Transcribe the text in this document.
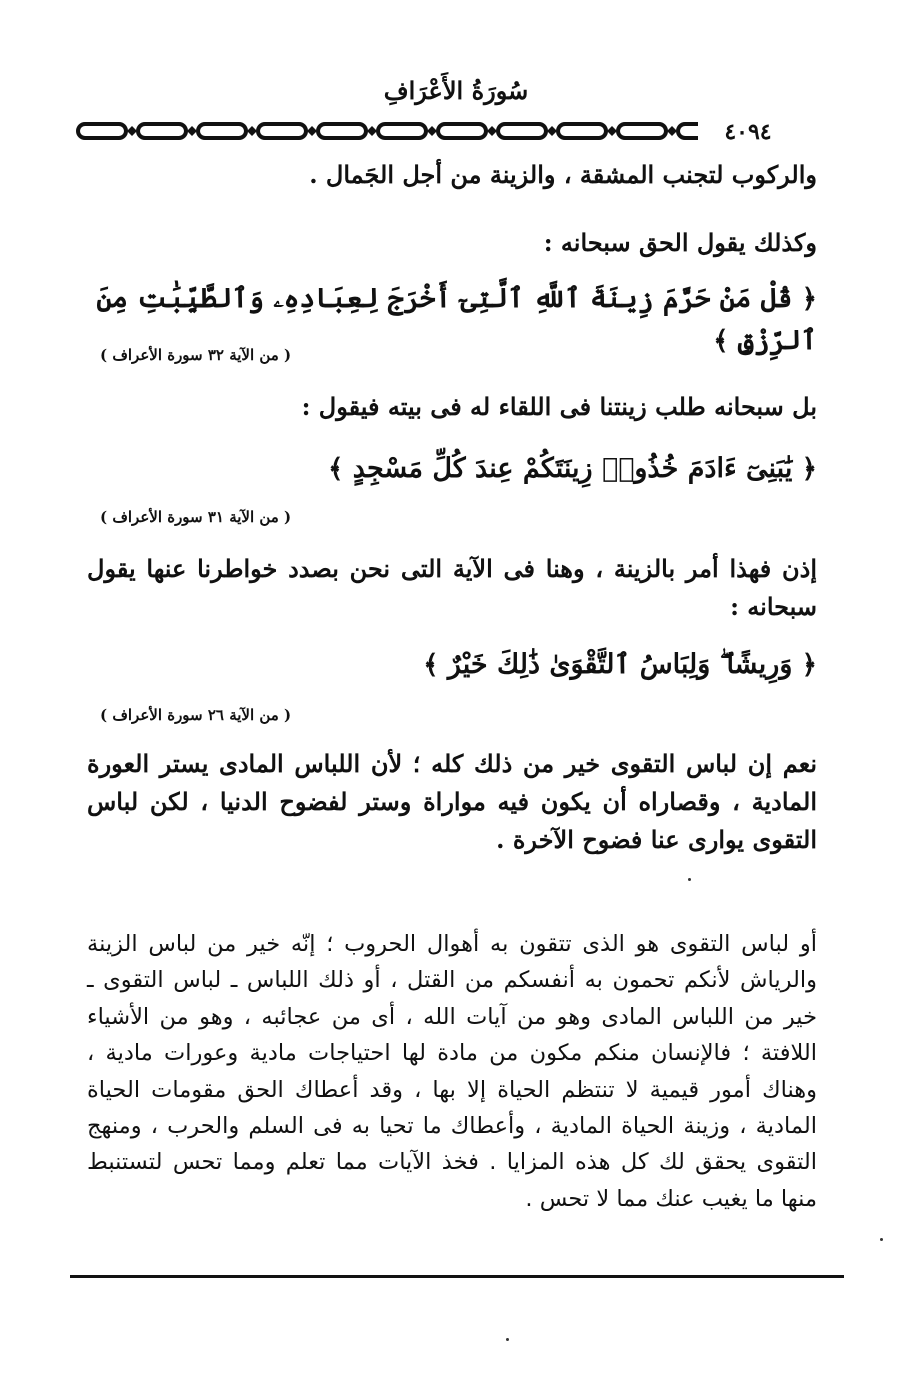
سُورَةُ الأَعْرَافِ
٤٠٩٤
والركوب لتجنب المشقة ، والزينة من أجل الجَمال .
وكذلك يقول الحق سبحانه :
﴿ قُلْ مَنْ حَرَّمَ زِينَةَ ٱللَّهِ ٱلَّتِىٓ أَخْرَجَ لِعِبَادِهِۦ وَٱلطَّيِّبَٰتِ مِنَ ٱلرِّزْقِ ﴾
( من الآية ٣٢ سورة الأعراف )
بل سبحانه طلب زينتنا فى اللقاء له فى بيته فيقول :
﴿ يَٰبَنِىٓ ءَادَمَ خُذُوا۟ زِينَتَكُمْ عِندَ كُلِّ مَسْجِدٍ ﴾
( من الآية ٣١ سورة الأعراف )
إذن فهذا أمر بالزينة ، وهنا فى الآية التى نحن بصدد خواطرنا عنها يقول سبحانه :
﴿ وَرِيشًا ۖ وَلِبَاسُ ٱلتَّقْوَىٰ ذَٰلِكَ خَيْرٌ ﴾
( من الآية ٢٦ سورة الأعراف )
نعم إن لباس التقوى خير من ذلك كله ؛ لأن اللباس المادى يستر العورة المادية ، وقصاراه أن يكون فيه مواراة وستر لفضوح الدنيا ، لكن لباس التقوى يوارى عنا فضوح الآخرة .
أو لباس التقوى هو الذى تتقون به أهوال الحروب ؛ إنّه خير من لباس الزينة والرياش لأنكم تحمون به أنفسكم من القتل ، أو ذلك اللباس ـ لباس التقوى ـ خير من اللباس المادى وهو من آيات الله ، أى من عجائبه ، وهو من الأشياء اللافتة ؛ فالإنسان منكم مكون من مادة لها احتياجات مادية وعورات مادية ، وهناك أمور قيمية لا تنتظم الحياة إلا بها ، وقد أعطاك الحق مقومات الحياة المادية ، وزينة الحياة المادية ، وأعطاك ما تحيا به فى السلم والحرب ، ومنهج التقوى يحقق لك كل هذه المزايا . فخذ الآيات مما تعلم ومما تحس لتستنبط منها ما يغيب عنك مما لا تحس .
